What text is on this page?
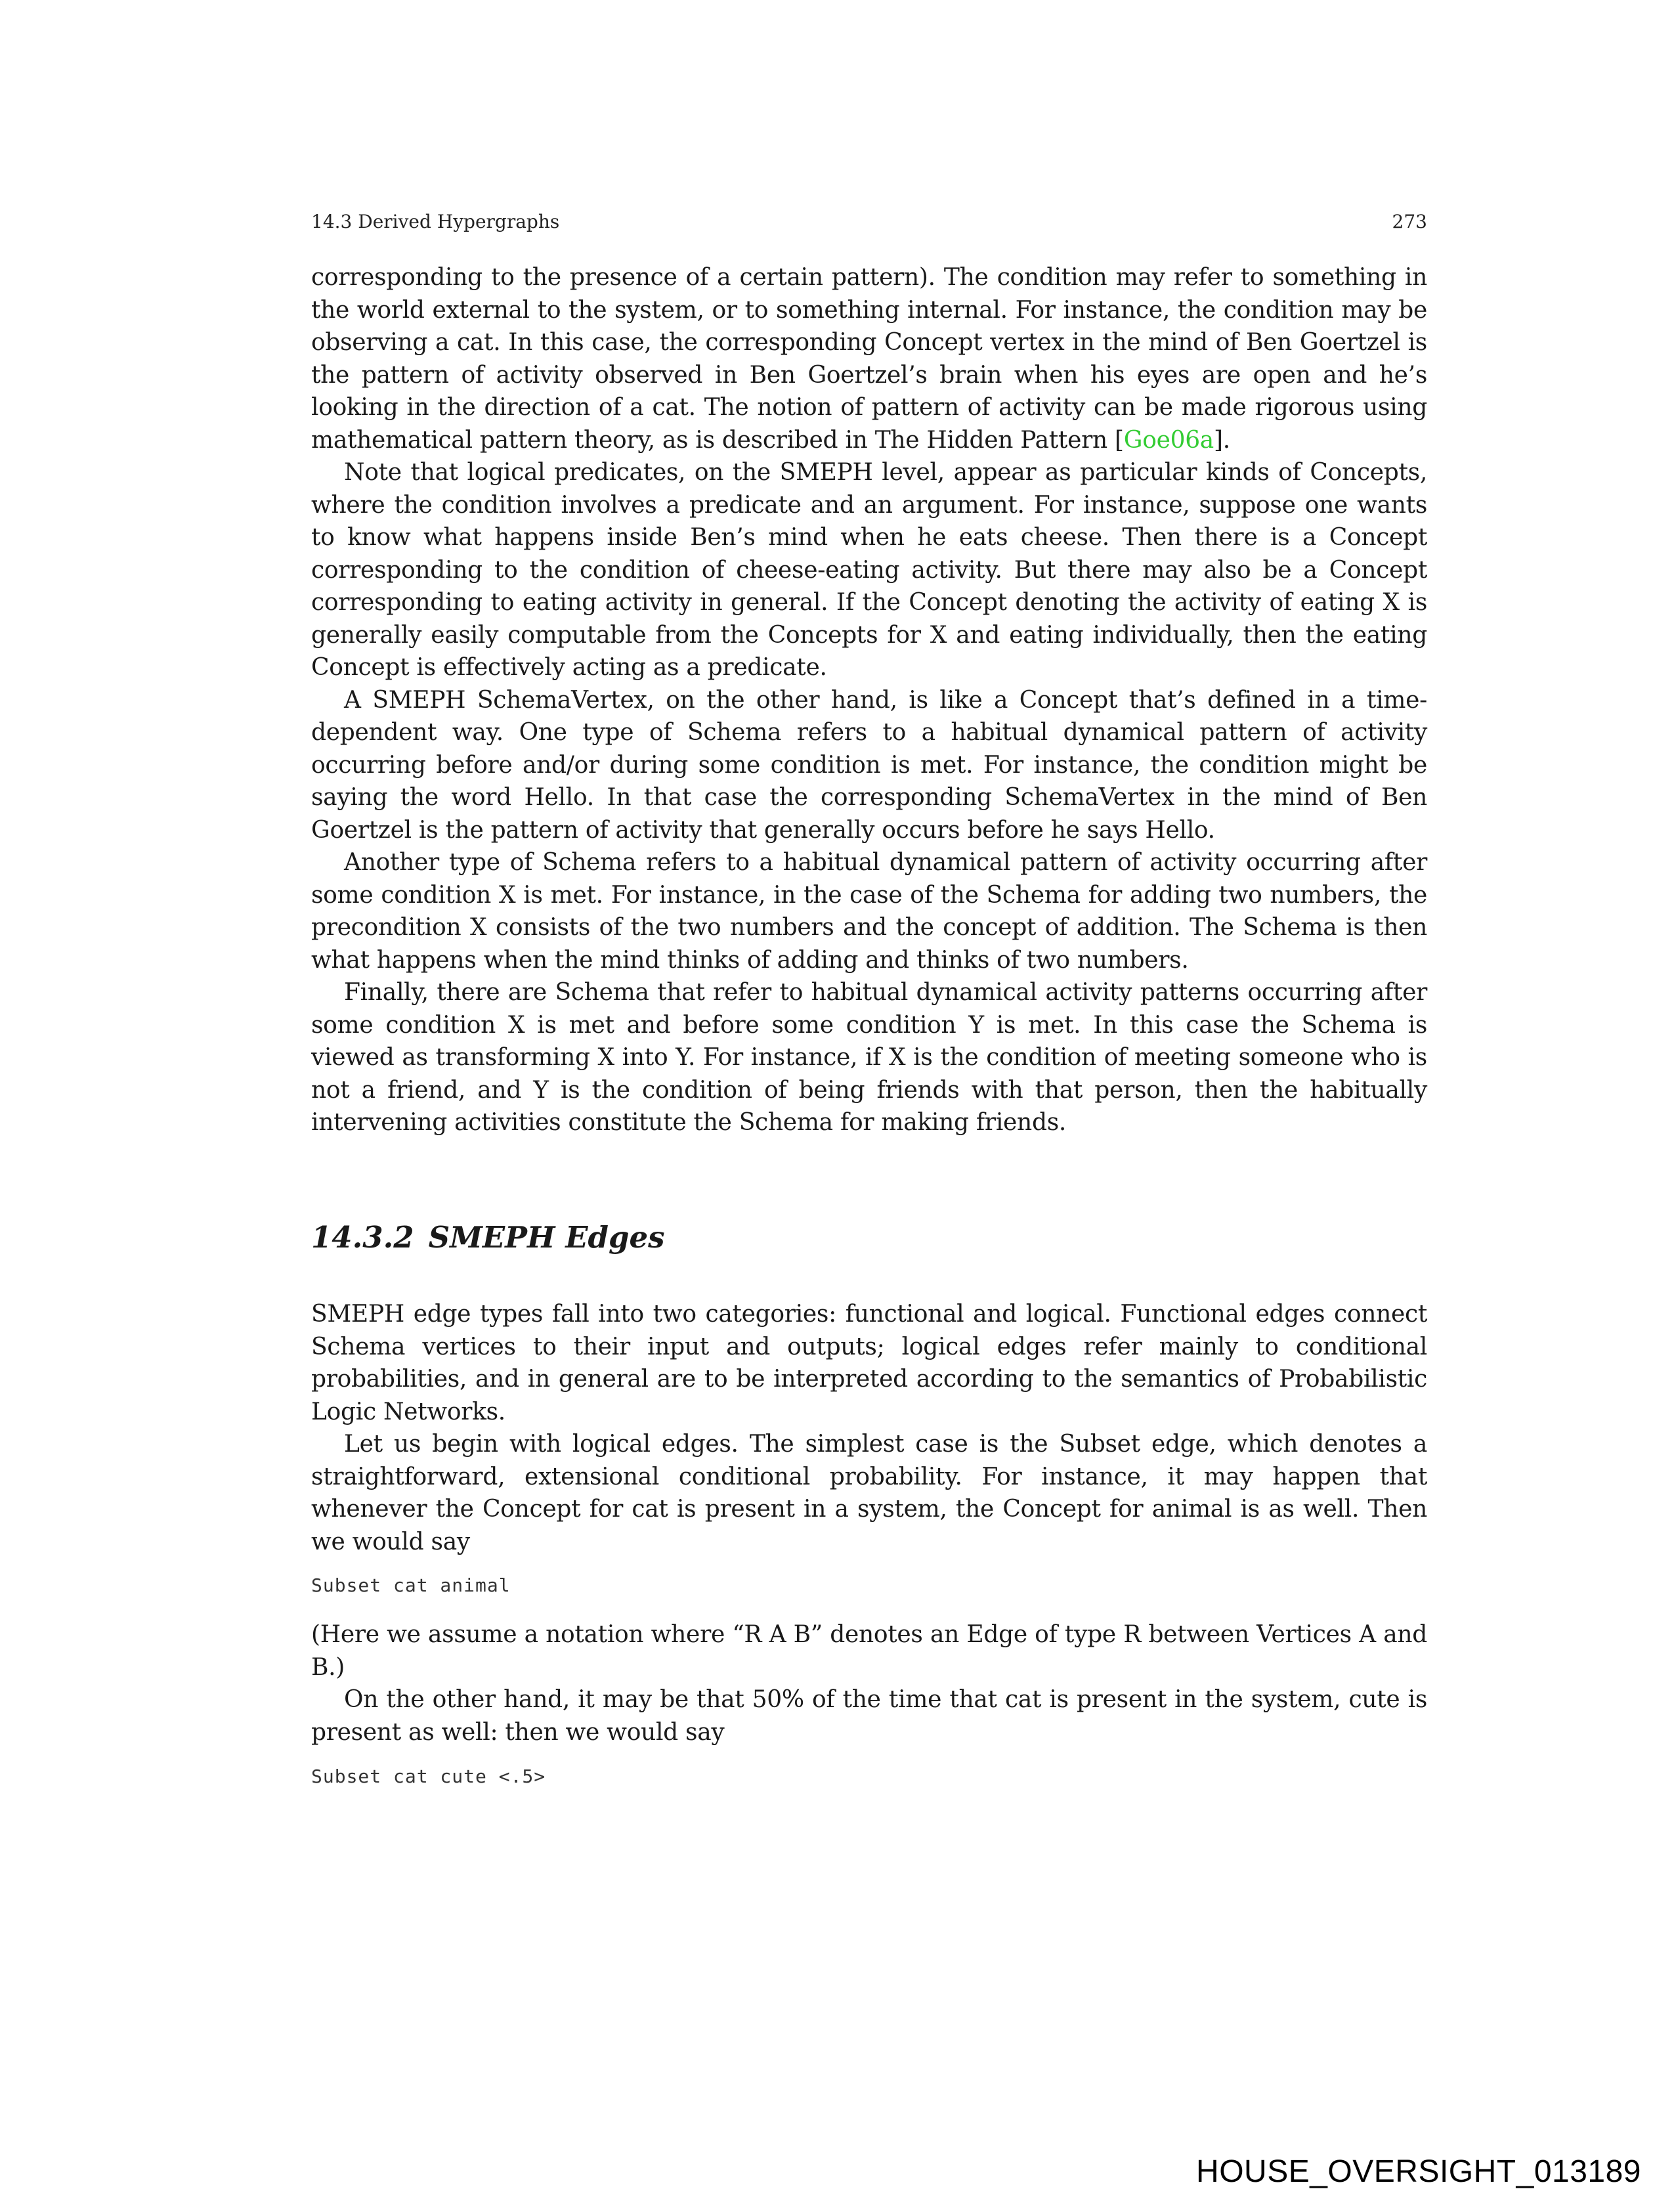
14.3 Derived Hypergraphs	273

corresponding to the presence of a certain pattern). The condition may refer to something in the world external to the system, or to something internal. For instance, the condition may be observing a cat. In this case, the corresponding Concept vertex in the mind of Ben Goertzel is the pattern of activity observed in Ben Goertzel’s brain when his eyes are open and he’s looking in the direction of a cat. The notion of pattern of activity can be made rigorous using mathematical pattern theory, as is described in The Hidden Pattern [Goe06a].

Note that logical predicates, on the SMEPH level, appear as particular kinds of Concepts, where the condition involves a predicate and an argument. For instance, suppose one wants to know what happens inside Ben’s mind when he eats cheese. Then there is a Concept corresponding to the condition of cheese-eating activity. But there may also be a Concept corresponding to eating activity in general. If the Concept denoting the activity of eating X is generally easily computable from the Concepts for X and eating individually, then the eating Concept is effectively acting as a predicate.

A SMEPH SchemaVertex, on the other hand, is like a Concept that’s defined in a time-dependent way. One type of Schema refers to a habitual dynamical pattern of activity occurring before and/or during some condition is met. For instance, the condition might be saying the word Hello. In that case the corresponding SchemaVertex in the mind of Ben Goertzel is the pattern of activity that generally occurs before he says Hello.

Another type of Schema refers to a habitual dynamical pattern of activity occurring after some condition X is met. For instance, in the case of the Schema for adding two numbers, the precondition X consists of the two numbers and the concept of addition. The Schema is then what happens when the mind thinks of adding and thinks of two numbers.

Finally, there are Schema that refer to habitual dynamical activity patterns occurring after some condition X is met and before some condition Y is met. In this case the Schema is viewed as transforming X into Y. For instance, if X is the condition of meeting someone who is not a friend, and Y is the condition of being friends with that person, then the habitually intervening activities constitute the Schema for making friends.

14.3.2 SMEPH Edges

SMEPH edge types fall into two categories: functional and logical. Functional edges connect Schema vertices to their input and outputs; logical edges refer mainly to conditional probabilities, and in general are to be interpreted according to the semantics of Probabilistic Logic Networks.

Let us begin with logical edges. The simplest case is the Subset edge, which denotes a straightforward, extensional conditional probability. For instance, it may happen that whenever the Concept for cat is present in a system, the Concept for animal is as well. Then we would say

Subset cat animal

(Here we assume a notation where “R A B” denotes an Edge of type R between Vertices A and B.)

On the other hand, it may be that 50% of the time that cat is present in the system, cute is present as well: then we would say

Subset cat cute <.5>
HOUSE_OVERSIGHT_013189
